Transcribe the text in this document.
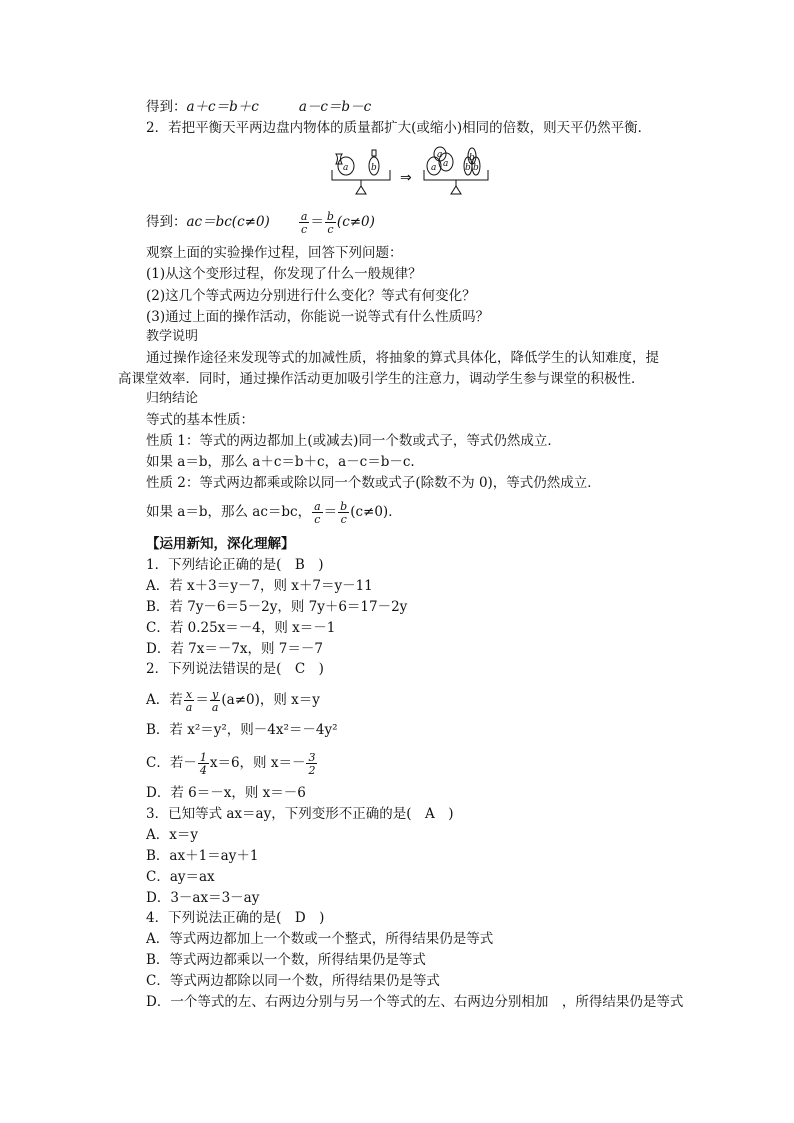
得到：a＋c＝b＋c	a－c＝b－c
2．若把平衡天平两边盘内物体的质量都扩大(或缩小)相同的倍数，则天平仍然平衡．
a	b	a a
a
b b
b
⇒
得到：ac＝bc(c≠0)	$\frac{a}{c} = \frac{b}{c} (c\ne 0)$
观察上面的实验操作过程，回答下列问题：
(1)从这个变形过程，你发现了什么一般规律？
(2)这几个等式两边分别进行什么变化？等式有何变化？
(3)通过上面的操作活动，你能说一说等式有什么性质吗？
教学说明
通过操作途径来发现等式的加减性质，将抽象的算式具体化，降低学生的认知难度，提
高课堂效率．同时，通过操作活动更加吸引学生的注意力，调动学生参与课堂的积极性．
归纳结论
等式的基本性质：
性质 1：等式的两边都加上(或减去)同一个数或式子，等式仍然成立．
如果 a＝b，那么 a＋c＝b＋c，a－c＝b－c.
性质 2：等式两边都乘或除以同一个数或式子(除数不为 0)，等式仍然成立．
如果 a＝b，那么 ac＝bc， $\frac{a}{c} = \frac{b}{c} (c\ne 0)$．
【运用新知，深化理解】
1．下列结论正确的是(　B　)
A．若 x＋3＝y－7，则 x＋7＝y－11
B．若 7y－6＝5－2y，则 7y＋6＝17－2y
C．若 0.25x＝－4，则 x＝－1
D．若 7x＝－7x，则 7＝－7
2．下列说法错误的是(　C　)
A．若 $\frac{x}{a} = \frac{y}{a} (a\ne 0)$，则 x＝y
B．若 x²＝y²，则－4x²＝－4y²
C．若－ $\frac{1}{4} x=6$，则 $x=- \frac{3}{2}$
D．若 6＝－x，则 x＝－6
3．已知等式 ax＝ay，下列变形不正确的是(　A　)
A．x＝y
B．ax＋1＝ay＋1
C．ay＝ax
D．3－ax＝3－ay
4．下列说法正确的是(　D　)
A．等式两边都加上一个数或一个整式，所得结果仍是等式
B．等式两边都乘以一个数，所得结果仍是等式
C．等式两边都除以同一个数，所得结果仍是等式
D．一个等式的左、右两边分别与另一个等式的左、右两边分别相加　，所得结果仍是等式
